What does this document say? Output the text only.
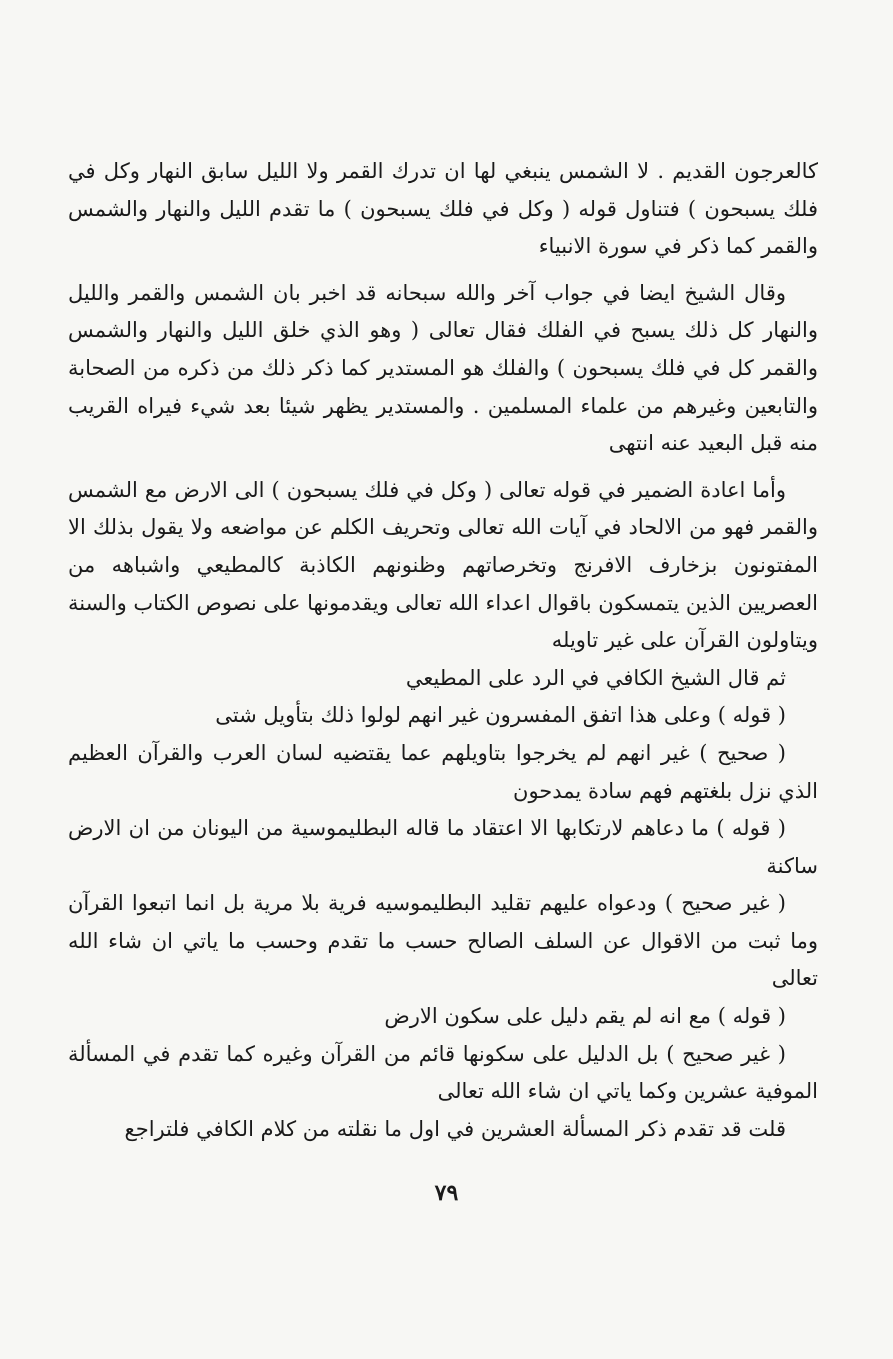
كالعرجون القديم . لا الشمس ينبغي لها ان تدرك القمر ولا الليل سابق النهار وكل في فلك يسبحون ) فتناول قوله ( وكل في فلك يسبحون ) ما تقدم الليل والنهار والشمس والقمر كما ذكر في سورة الانبياء

وقال الشيخ ايضا في جواب آخر والله سبحانه قد اخبر بان الشمس والقمر والليل والنهار كل ذلك يسبح في الفلك فقال تعالى ( وهو الذي خلق الليل والنهار والشمس والقمر كل في فلك يسبحون ) والفلك هو المستدير كما ذكر ذلك من ذكره من الصحابة والتابعين وغيرهم من علماء المسلمين . والمستدير يظهر شيئا بعد شيء فيراه القريب منه قبل البعيد عنه انتهى

وأما اعادة الضمير في قوله تعالى ( وكل في فلك يسبحون ) الى الارض مع الشمس والقمر فهو من الالحاد في آيات الله تعالى وتحريف الكلم عن مواضعه ولا يقول بذلك الا المفتونون بزخارف الافرنج وتخرصاتهم وظنونهم الكاذبة كالمطيعي واشباهه من العصريين الذين يتمسكون باقوال اعداء الله تعالى ويقدمونها على نصوص الكتاب والسنة ويتاولون القرآن على غير تاويله

ثم قال الشيخ الكافي في الرد على المطيعي

( قوله ) وعلى هذا اتفق المفسرون غير انهم لولوا ذلك بتأويل شتى

( صحيح ) غير انهم لم يخرجوا بتاويلهم عما يقتضيه لسان العرب والقرآن العظيم الذي نزل بلغتهم فهم سادة يمدحون

( قوله ) ما دعاهم لارتكابها الا اعتقاد ما قاله البطليموسية من اليونان من ان الارض ساكنة

( غير صحيح ) ودعواه عليهم تقليد البطليموسيه فرية بلا مرية بل انما اتبعوا القرآن وما ثبت من الاقوال عن السلف الصالح حسب ما تقدم وحسب ما ياتي ان شاء الله تعالى

( قوله ) مع انه لم يقم دليل على سكون الارض

( غير صحيح ) بل الدليل على سكونها قائم من القرآن وغيره كما تقدم في المسألة الموفية عشرين وكما ياتي ان شاء الله تعالى

قلت قد تقدم ذكر المسألة العشرين في اول ما نقلته من كلام الكافي فلتراجع

٧٩
